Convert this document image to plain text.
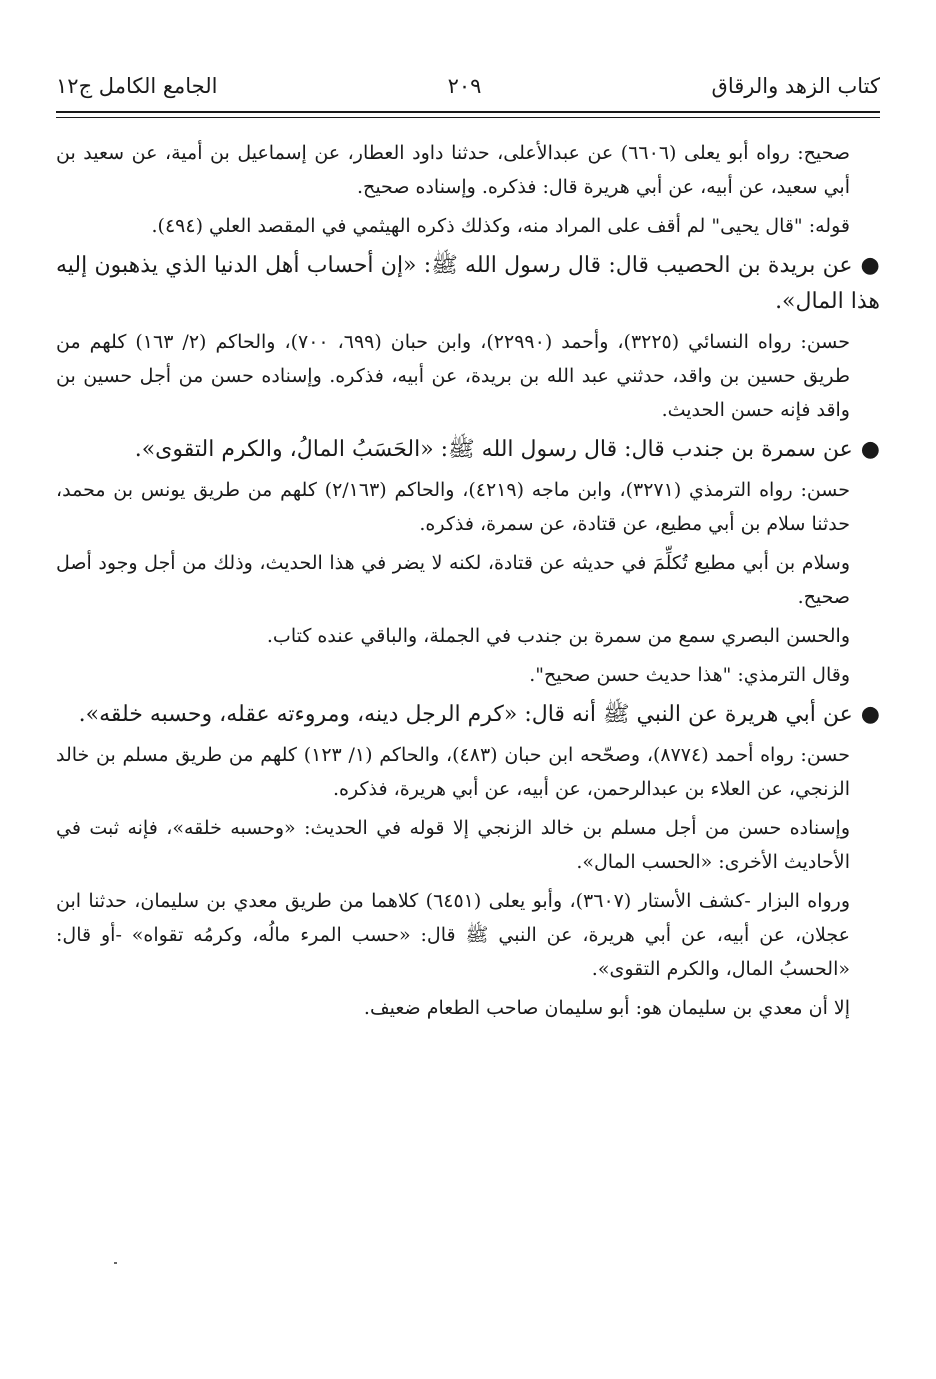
كتاب الزهد والرقاق
٢٠٩
الجامع الكامل ج١٢

صحيح: رواه أبو يعلى (٦٦٠٦) عن عبدالأعلى، حدثنا داود العطار، عن إسماعيل بن أمية، عن سعيد بن أبي سعيد، عن أبيه، عن أبي هريرة قال: فذكره. وإسناده صحيح.

قوله: "قال يحيى" لم أقف على المراد منه، وكذلك ذكره الهيثمي في المقصد العلي (٤٩٤).

●عن بريدة بن الحصيب قال: قال رسول الله ﷺ: «إن أحساب أهل الدنيا الذي يذهبون إليه هذا المال».

حسن: رواه النسائي (٣٢٢٥)، وأحمد (٢٢٩٩٠)، وابن حبان (٦٩٩، ٧٠٠)، والحاكم (٢/ ١٦٣) كلهم من طريق حسين بن واقد، حدثني عبد الله بن بريدة، عن أبيه، فذكره. وإسناده حسن من أجل حسين بن واقد فإنه حسن الحديث.

●عن سمرة بن جندب قال: قال رسول الله ﷺ: «الحَسَبُ المالُ، والكرم التقوى».

حسن: رواه الترمذي (٣٢٧١)، وابن ماجه (٤٢١٩)، والحاكم (٢/١٦٣) كلهم من طريق يونس بن محمد، حدثنا سلام بن أبي مطيع، عن قتادة، عن سمرة، فذكره.

وسلام بن أبي مطيع تُكلِّمَ في حديثه عن قتادة، لكنه لا يضر في هذا الحديث، وذلك من أجل وجود أصل صحيح.

والحسن البصري سمع من سمرة بن جندب في الجملة، والباقي عنده كتاب.

وقال الترمذي: "هذا حديث حسن صحيح".

●عن أبي هريرة عن النبي ﷺ أنه قال: «كرم الرجل دينه، ومروءته عقله، وحسبه خلقه».

حسن: رواه أحمد (٨٧٧٤)، وصحّحه ابن حبان (٤٨٣)، والحاكم (١/ ١٢٣) كلهم من طريق مسلم بن خالد الزنجي، عن العلاء بن عبدالرحمن، عن أبيه، عن أبي هريرة، فذكره.

وإسناده حسن من أجل مسلم بن خالد الزنجي إلا قوله في الحديث: «وحسبه خلقه»، فإنه ثبت في الأحاديث الأخرى: «الحسب المال».

ورواه البزار -كشف الأستار (٣٦٠٧)، وأبو يعلى (٦٤٥١) كلاهما من طريق معدي بن سليمان، حدثنا ابن عجلان، عن أبيه، عن أبي هريرة، عن النبي ﷺ قال: «حسب المرء مالُه، وكرمُه تقواه» -أو قال: «الحسبُ المال، والكرم التقوى».

إلا أن معدي بن سليمان هو: أبو سليمان صاحب الطعام ضعيف.
